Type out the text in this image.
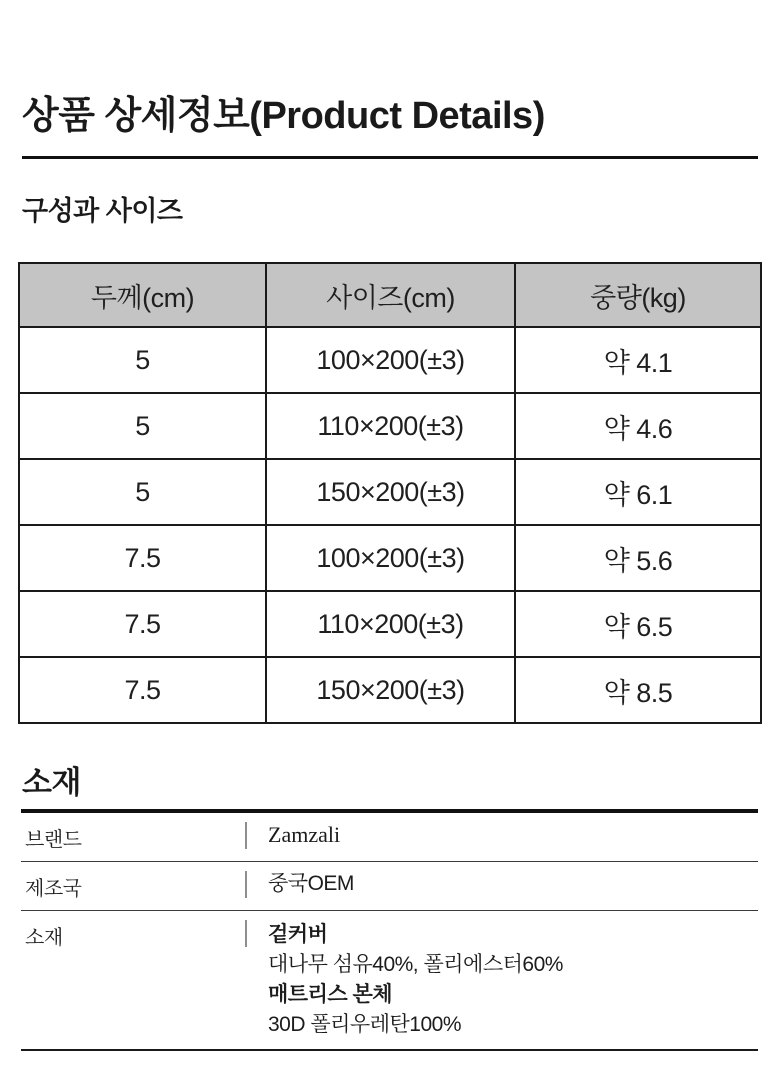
상품 상세정보(Product Details)
구성과 사이즈
두께(cm)	사이즈(cm)	중량(kg)
5	100×200(±3)	약 4.1
5	110×200(±3)	약 4.6
5	150×200(±3)	약 6.1
7.5	100×200(±3)	약 5.6
7.5	110×200(±3)	약 6.5
7.5	150×200(±3)	약 8.5
소재
브랜드	Zamzali
제조국	중국OEM
소재	겉커버
대나무 섬유40%, 폴리에스터60%
매트리스 본체
30D 폴리우레탄100%
